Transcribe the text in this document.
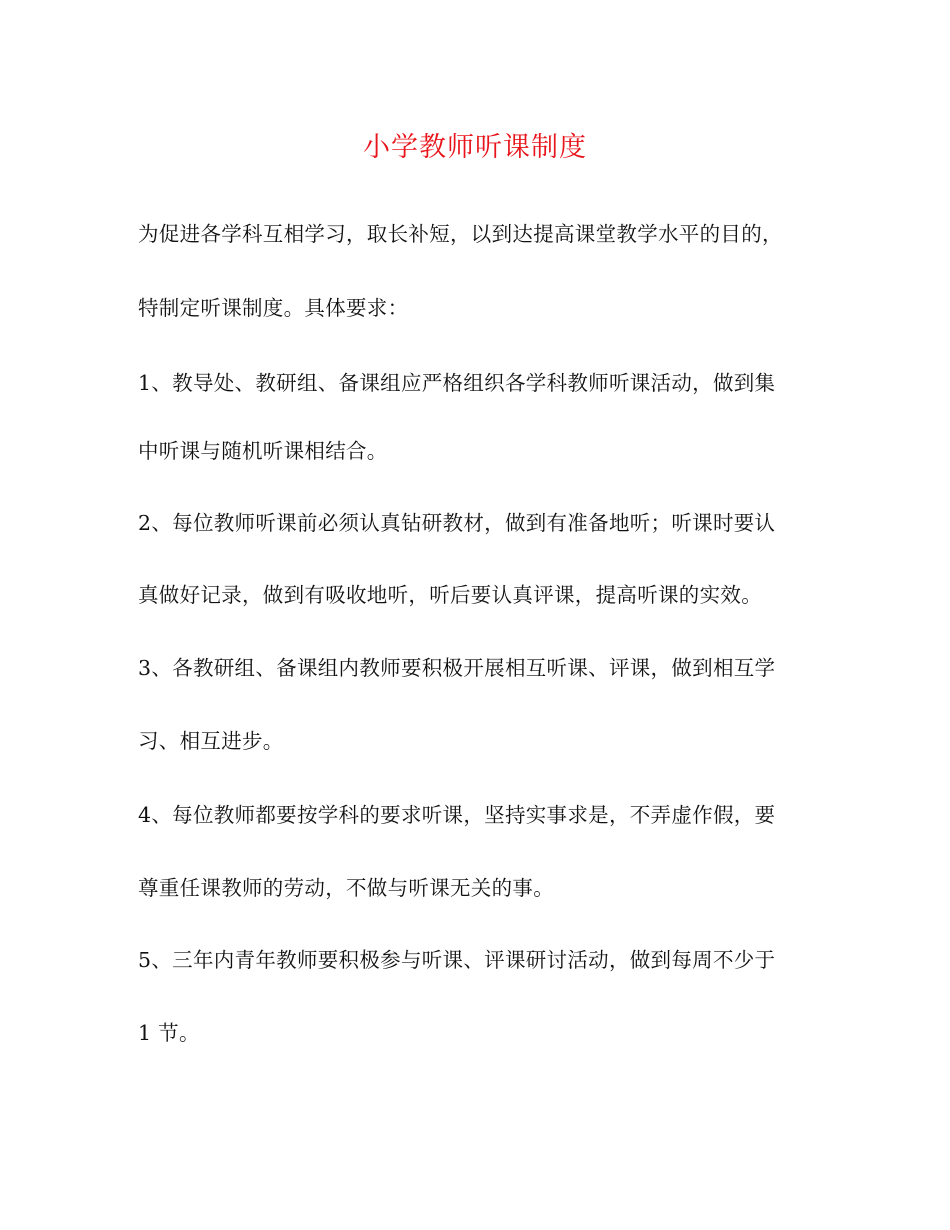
小学教师听课制度
为促进各学科互相学习，取长补短，以到达提高课堂教学水平的目的，
特制定听课制度。具体要求：
1、教导处、教研组、备课组应严格组织各学科教师听课活动，做到集
中听课与随机听课相结合。
2、每位教师听课前必须认真钻研教材，做到有准备地听；听课时要认
真做好记录，做到有吸收地听，听后要认真评课，提高听课的实效。
3、各教研组、备课组内教师要积极开展相互听课、评课，做到相互学
习、相互进步。
4、每位教师都要按学科的要求听课，坚持实事求是，不弄虚作假，要
尊重任课教师的劳动，不做与听课无关的事。
5、三年内青年教师要积极参与听课、评课研讨活动，做到每周不少于
1 节。
